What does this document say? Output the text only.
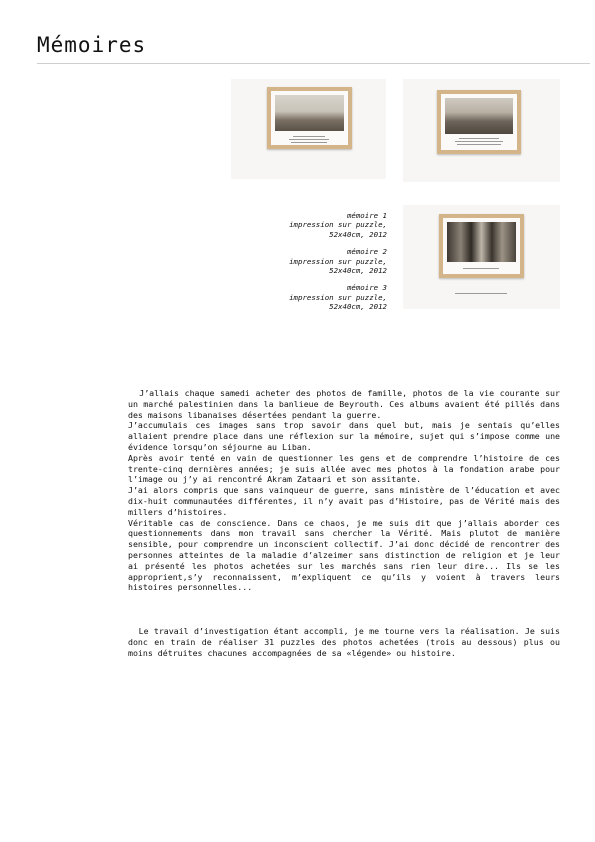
Mémoires
mémoire 1
impression sur puzzle,
52x40cm, 2012
mémoire 2
impression sur puzzle,
52x40cm, 2012
mémoire 3
impression sur puzzle,
52x40cm, 2012

J’allais chaque samedi acheter des photos de famille, photos de la vie courante sur un marché palestinien dans la banlieue de Beyrouth. Ces albums avaient été pillés dans des maisons libanaises désertées pendant la guerre.

J’accumulais ces images sans trop savoir dans quel but, mais je sentais qu’elles allaient prendre place dans une réflexion sur la mémoire, sujet qui s’impose comme une évidence lorsqu’on séjourne au Liban.

Après avoir tenté en vain de questionner les gens et de comprendre l’histoire de ces trente-cinq dernières années; je suis allée avec mes photos à la fondation arabe pour l’image ou j’y ai rencontré Akram Zataari et son assitante.

J’ai alors compris que sans vainqueur de guerre, sans ministère de l’éducation et avec dix-huit communautées différentes, il n’y avait pas d’Histoire, pas de Vérité mais des millers d’histoires.

Véritable cas de conscience. Dans ce chaos, je me suis dit que j’allais aborder ces questionnements dans mon travail sans chercher la Vérité. Mais plutot de manière sensible, pour comprendre un inconscient collectif. J’ai donc décidé de rencontrer des personnes atteintes de la maladie d’alzeimer sans distinction de religion et je leur ai présenté les photos achetées sur les marchés sans rien leur dire... Ils se les approprient,s’y reconnaissent, m’expliquent ce qu’ils y voient à travers leurs histoires personnelles...

Le travail d’investigation étant accompli, je me tourne vers la réalisation. Je suis donc en train de réaliser 31 puzzles des photos achetées (trois au dessous) plus ou moins détruites chacunes accompagnées de sa «légende» ou histoire.
